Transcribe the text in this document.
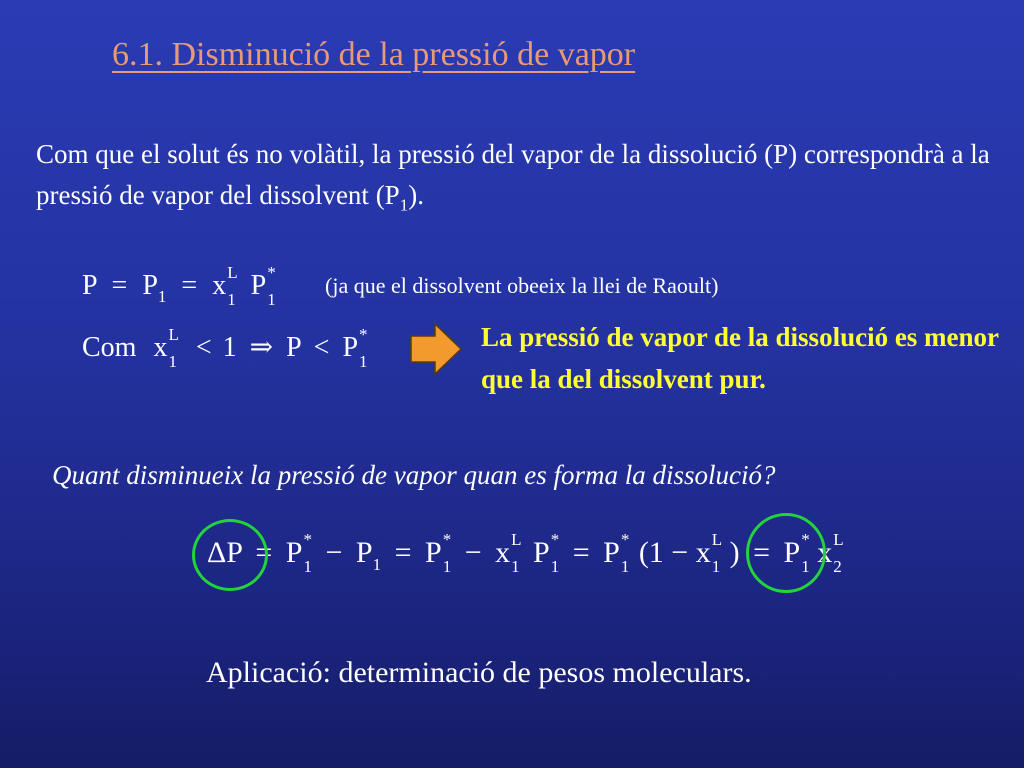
6.1. Disminució de la pressió de vapor
Com que el solut és no volàtil, la pressió del vapor de la dissolució (P) correspondrà a la pressió de vapor del dissolvent $(P_1)$.
$P = P_1 = x$ L
1 P *
1
(ja que el dissolvent obeeix la llei de Raoult)
Com x L
1 < 1 ⇒ P < P *
1
La pressió de vapor de la dissolució es menor que la del dissolvent pur.
Quant disminueix la pressió de vapor quan es forma la dissolució?
ΔP = P *
$1 - P_1 = P$ *
1 − x L
1 P *
1 = P *
1 (1 − x L
1 ) = P *
1 x L
2
Aplicació: determinació de pesos moleculars.
